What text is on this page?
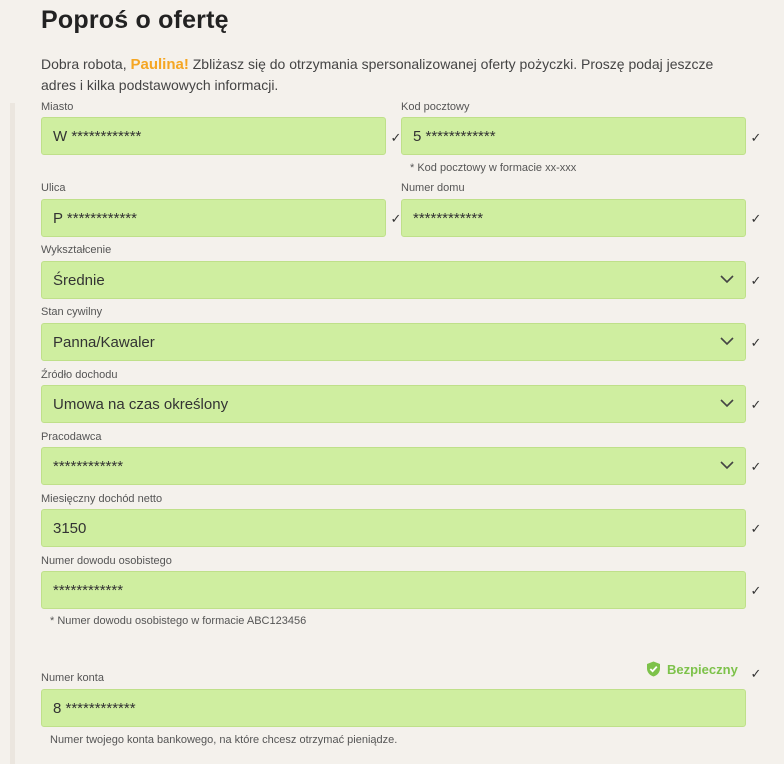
Poproś o ofertę
Dobra robota, Paulina! Zbliżasz się do otrzymania spersonalizowanej oferty pożyczki. Proszę podaj jeszcze adres i kilka podstawowych informacji.
Miasto
W ************	✓
Kod pocztowy
5 ************	✓
* Kod pocztowy w formacie xx-xxx
Ulica
P ************	✓
Numer domu
************	✓
Wykształcenie
Średnie	✓
Stan cywilny
Panna/Kawaler	✓
Źródło dochodu
Umowa na czas określony	✓
Pracodawca
************	✓
Miesięczny dochód netto
3150	✓
Numer dowodu osobistego
************	✓
* Numer dowodu osobistego w formacie ABC123456
Bezpieczny ✓
Numer konta
8 ************
Numer twojego konta bankowego, na które chcesz otrzymać pieniądze.
